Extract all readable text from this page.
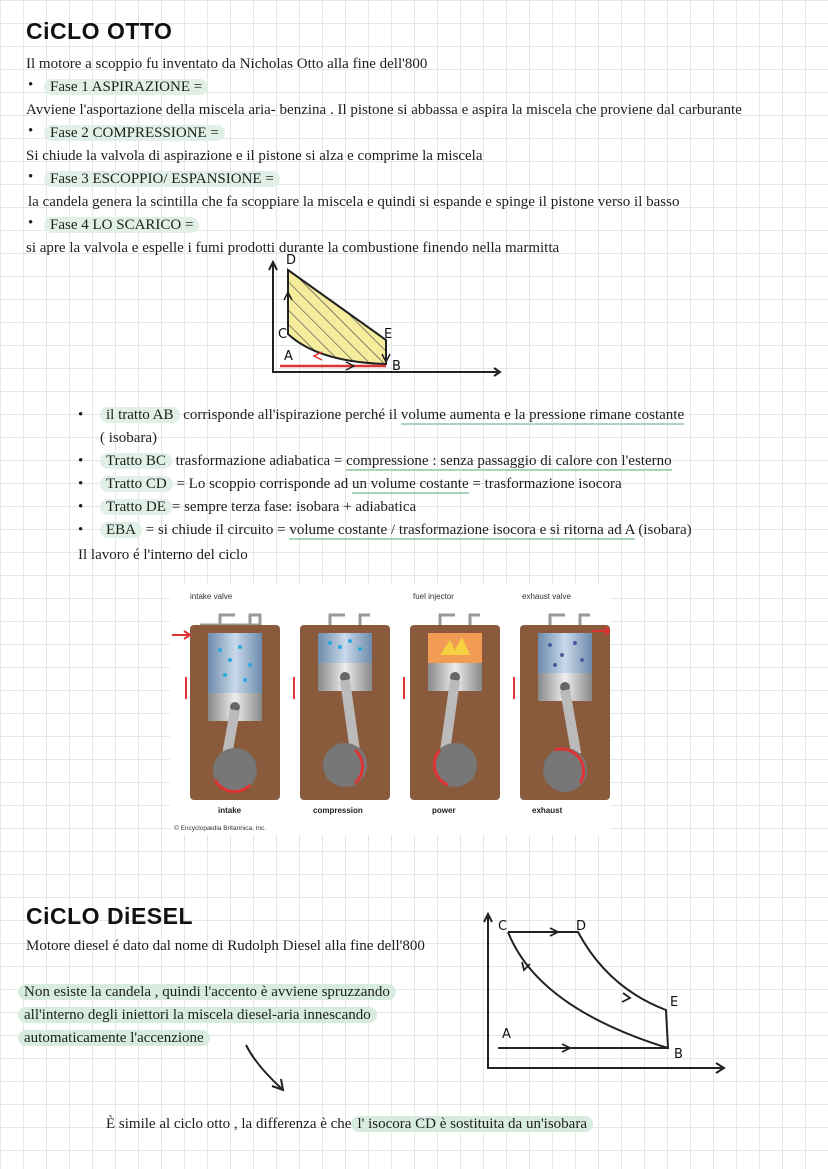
CiCLO OTTO
Il motore a scoppio fu inventato da Nicholas Otto alla fine dell'800
•	Fase 1 ASPIRAZIONE =
Avviene l'asportazione della miscela aria- benzina . Il pistone si abbassa e aspira la miscela che proviene dal carburante
•	Fase 2 COMPRESSIONE =
Si chiude la valvola di aspirazione e il pistone si alza e comprime la miscela
•	Fase 3 ESCOPPIO/ ESPANSIONE =
la candela genera la scintilla che fa scoppiare la miscela e quindi si espande e spinge il pistone verso il basso
•	Fase 4 LO SCARICO =
si apre la valvola e espelle i fumi prodotti durante la combustione finendo nella marmitta
D
C	E
A
B
• il tratto AB corrisponde all'ispirazione perché il volume aumenta e la pressione rimane costante
( isobara)
• Tratto BC trasformazione adiabatica = compressione : senza passaggio di calore con l'esterno
• Tratto CD = Lo scoppio corrisponde ad un volume costante = trasformazione isocora
• Tratto DE = sempre terza fase: isobara + adiabatica
• EBA = si chiude il circuito = volume costante / trasformazione isocora e si ritorna ad A (isobara)
Il lavoro é l'interno del ciclo
intake valve	fuel injector	exhaust valve
intake	compression	power	exhaust
© Encyclopædia Britannica, Inc.
CiCLO DiESEL
Motore diesel é dato dal nome di Rudolph Diesel alla fine dell'800
Non esiste la candela , quindi l'accento è avviene spruzzando
all'interno degli iniettori la miscela diesel-aria innescando
automaticamente l'accenzione
C	D
E
A
B
È simile al ciclo otto , la differenza è che l' isocora CD è sostituita da un'isobara
